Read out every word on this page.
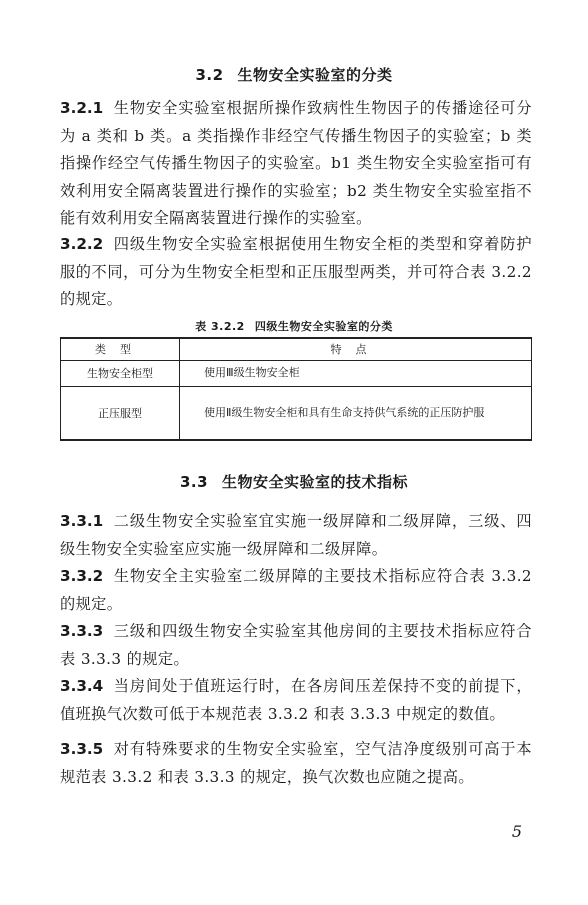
3.2 生物安全实验室的分类
3.2.1 生物安全实验室根据所操作致病性生物因子的传播途径可分为 a 类和 b 类。a 类指操作非经空气传播生物因子的实验室；b 类指操作经空气传播生物因子的实验室。b1 类生物安全实验室指可有效利用安全隔离装置进行操作的实验室；b2 类生物安全实验室指不能有效利用安全隔离装置进行操作的实验室。
3.2.2 四级生物安全实验室根据使用生物安全柜的类型和穿着防护服的不同，可分为生物安全柜型和正压服型两类，并可符合表 3.2.2 的规定。
表 3.2.2 四级生物安全实验室的分类
类型	特点
生物安全柜型	使用Ⅲ级生物安全柜
正压服型	使用Ⅱ级生物安全柜和具有生命支持供气系统的正压防护服
3.3 生物安全实验室的技术指标
3.3.1 二级生物安全实验室宜实施一级屏障和二级屏障，三级、四级生物安全实验室应实施一级屏障和二级屏障。
3.3.2 生物安全主实验室二级屏障的主要技术指标应符合表 3.3.2 的规定。
3.3.3 三级和四级生物安全实验室其他房间的主要技术指标应符合表 3.3.3 的规定。
3.3.4 当房间处于值班运行时，在各房间压差保持不变的前提下，值班换气次数可低于本规范表 3.3.2 和表 3.3.3 中规定的数值。
3.3.5 对有特殊要求的生物安全实验室，空气洁净度级别可高于本规范表 3.3.2 和表 3.3.3 的规定，换气次数也应随之提高。
5
